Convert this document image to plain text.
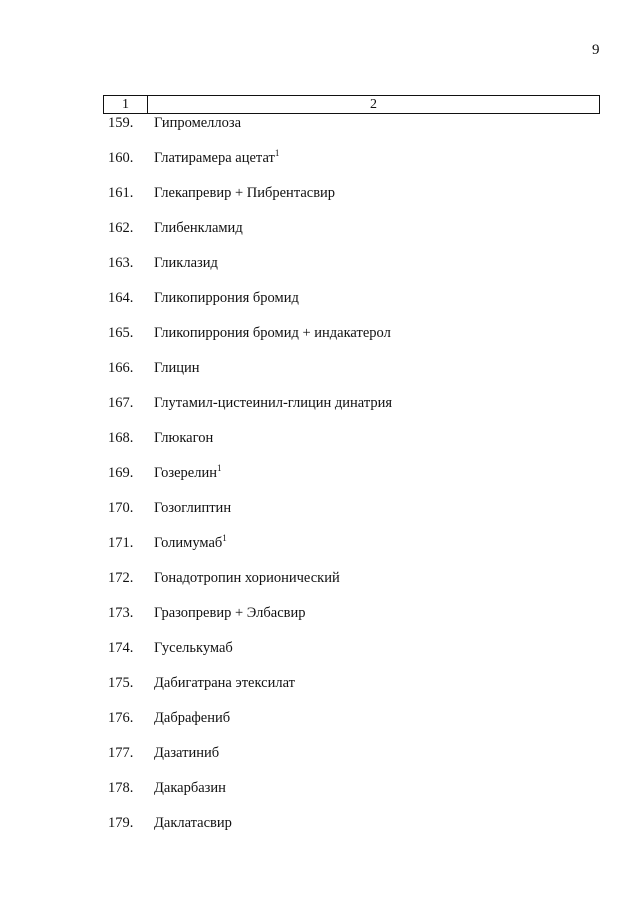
9
1	2
159.	Гипромеллоза
160.	Глатирамера ацетат$^1$
161.	Глекапревир + Пибрентасвир
162.	Глибенкламид
163.	Гликлазид
164.	Гликопиррония бромид
165.	Гликопиррония бромид + индакатерол
166.	Глицин
167.	Глутамил-цистеинил-глицин динатрия
168.	Глюкагон
169.	Гозерелин$^1$
170.	Гозоглиптин
171.	Голимумаб$^1$
172.	Гонадотропин хорионический
173.	Гразопревир + Элбасвир
174.	Гуселькумаб
175.	Дабигатрана этексилат
176.	Дабрафениб
177.	Дазатиниб
178.	Дакарбазин
179.	Даклатасвир
